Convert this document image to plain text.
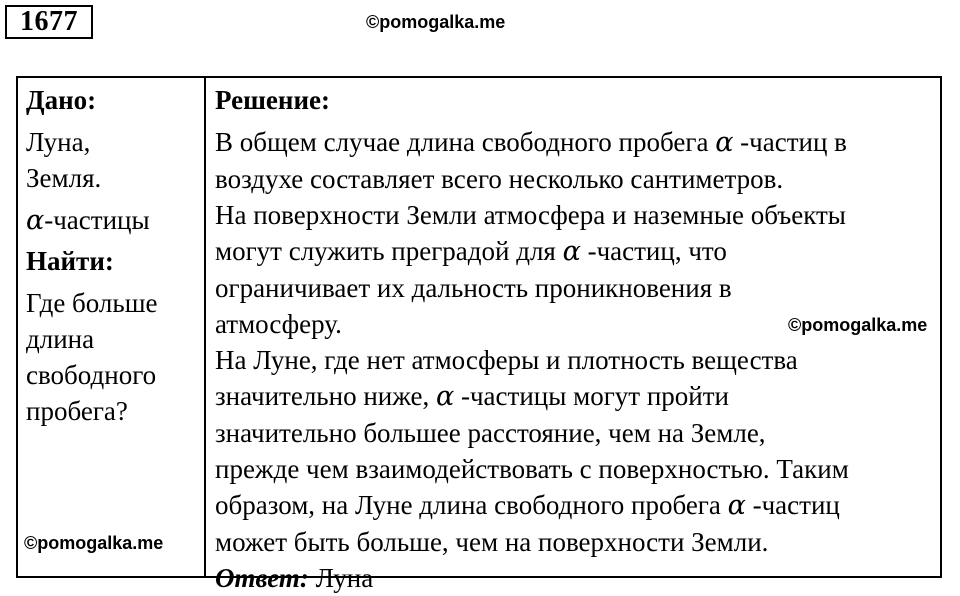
1677	©pomogalka.me
Дано:
Луна,
Земля.
α-частицы
Найти:
Где больше
длина
свободного
пробега?
Решение:
В общем случае длина свободного пробега α -частиц в
воздухе составляет всего несколько сантиметров.
На поверхности Земли атмосфера и наземные объекты
могут служить преградой для α -частиц, что
ограничивает их дальность проникновения в
атмосферу.
На Луне, где нет атмосферы и плотность вещества
значительно ниже, α -частицы могут пройти
значительно большее расстояние, чем на Земле,
прежде чем взаимодействовать с поверхностью. Таким
образом, на Луне длина свободного пробега α -частиц
может быть больше, чем на поверхности Земли.
Ответ: Луна
©pomogalka.me
©pomogalka.me
